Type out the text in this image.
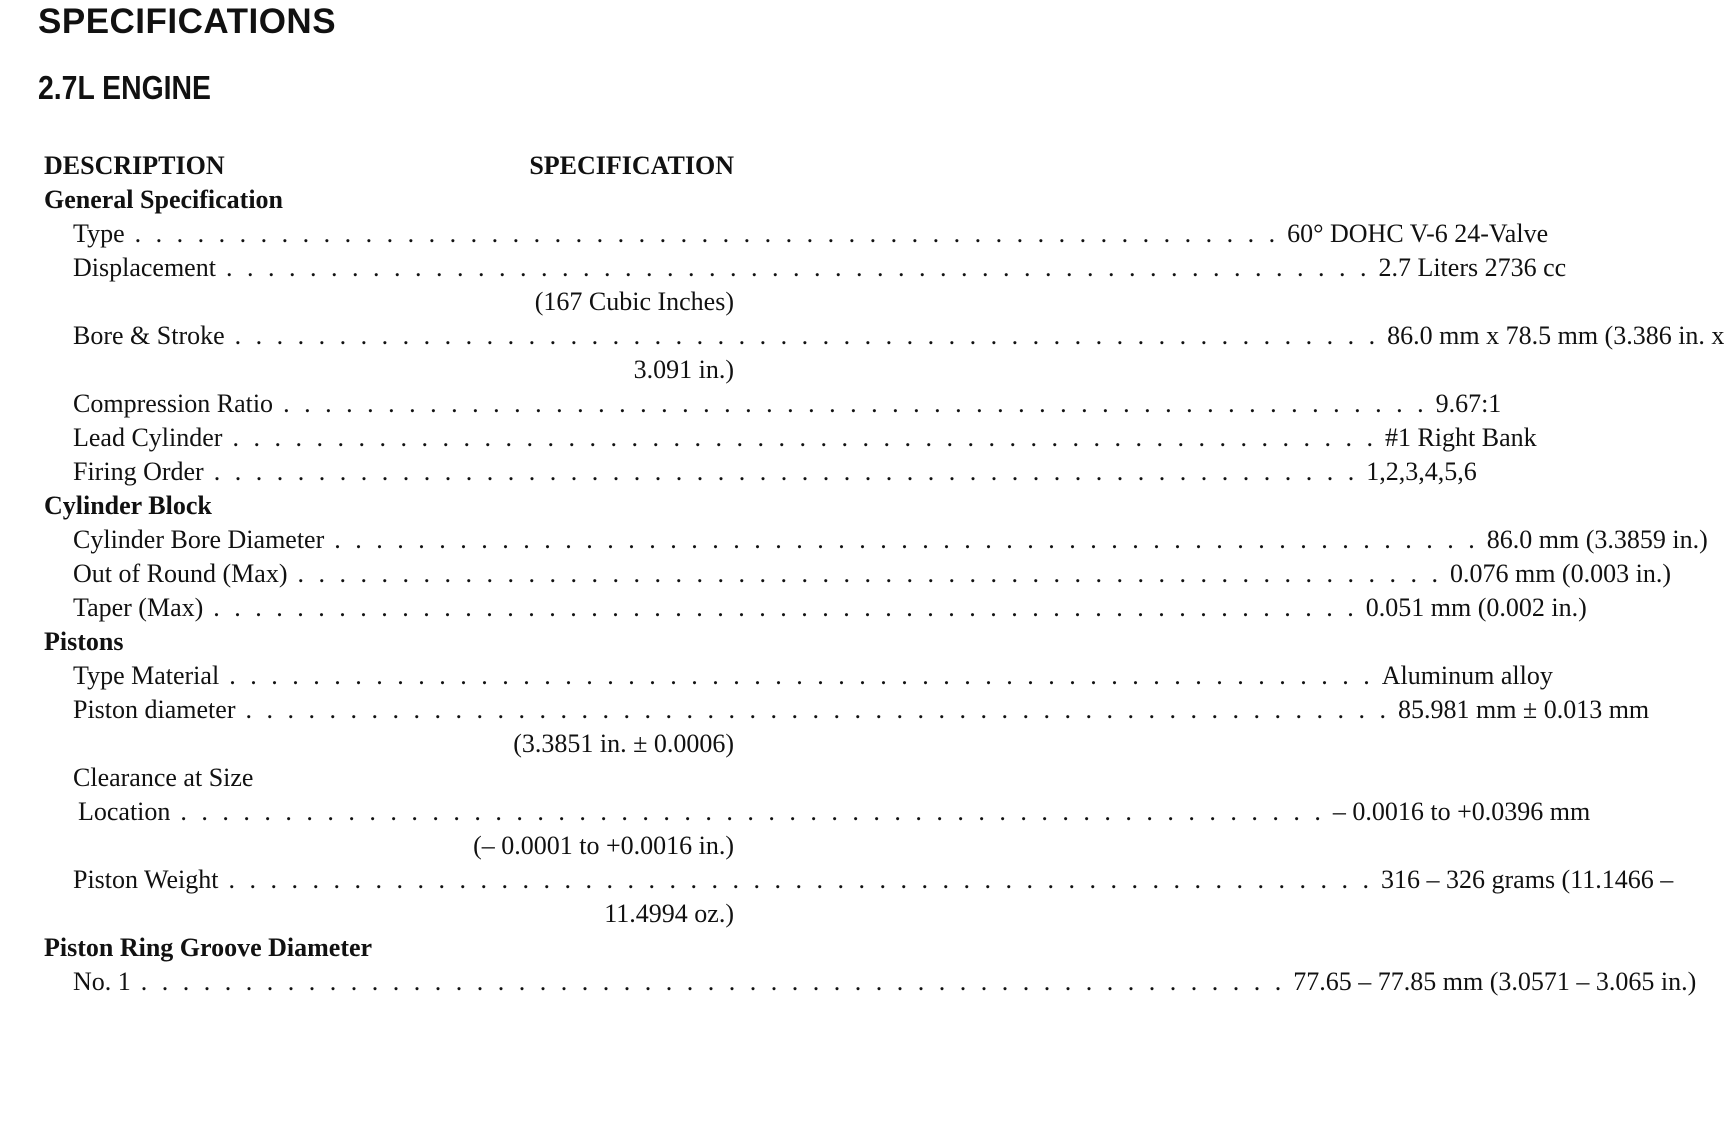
SPECIFICATIONS
2.7L ENGINE
DESCRIPTION	SPECIFICATION
General Specification
Type . . . . . . . . . . . . . . . . . . . . . . . . . . . . . . . . . . . . . . . . . . . . . . . . . . . . . . . 60° DOHC V-6 24-Valve
Displacement . . . . . . . . . . . . . . . . . . . . . . . . . . . . . . . . . . . . . . . . . . . . . . . . . . . . . . . 2.7 Liters 2736 cc
(167 Cubic Inches)
Bore & Stroke . . . . . . . . . . . . . . . . . . . . . . . . . . . . . . . . . . . . . . . . . . . . . . . . . . . . . . . 86.0 mm x 78.5 mm (3.386 in. x
3.091 in.)
Compression Ratio . . . . . . . . . . . . . . . . . . . . . . . . . . . . . . . . . . . . . . . . . . . . . . . . . . . . . . . 9.67:1
Lead Cylinder . . . . . . . . . . . . . . . . . . . . . . . . . . . . . . . . . . . . . . . . . . . . . . . . . . . . . . . #1 Right Bank
Firing Order . . . . . . . . . . . . . . . . . . . . . . . . . . . . . . . . . . . . . . . . . . . . . . . . . . . . . . . 1,2,3,4,5,6
Cylinder Block
Cylinder Bore Diameter . . . . . . . . . . . . . . . . . . . . . . . . . . . . . . . . . . . . . . . . . . . . . . . . . . . . . . . 86.0 mm (3.3859 in.)
Out of Round (Max) . . . . . . . . . . . . . . . . . . . . . . . . . . . . . . . . . . . . . . . . . . . . . . . . . . . . . . . 0.076 mm (0.003 in.)
Taper (Max) . . . . . . . . . . . . . . . . . . . . . . . . . . . . . . . . . . . . . . . . . . . . . . . . . . . . . . . 0.051 mm (0.002 in.)
Pistons
Type Material . . . . . . . . . . . . . . . . . . . . . . . . . . . . . . . . . . . . . . . . . . . . . . . . . . . . . . . Aluminum alloy
Piston diameter . . . . . . . . . . . . . . . . . . . . . . . . . . . . . . . . . . . . . . . . . . . . . . . . . . . . . . . 85.981 mm ± 0.013 mm
(3.3851 in. ± 0.0006)
Clearance at Size
Location . . . . . . . . . . . . . . . . . . . . . . . . . . . . . . . . . . . . . . . . . . . . . . . . . . . . . . . – 0.0016 to +0.0396 mm
(– 0.0001 to +0.0016 in.)
Piston Weight . . . . . . . . . . . . . . . . . . . . . . . . . . . . . . . . . . . . . . . . . . . . . . . . . . . . . . . 316 – 326 grams (11.1466 –
11.4994 oz.)
Piston Ring Groove Diameter
No. 1 . . . . . . . . . . . . . . . . . . . . . . . . . . . . . . . . . . . . . . . . . . . . . . . . . . . . . . . 77.65 – 77.85 mm (3.0571 – 3.065 in.)
